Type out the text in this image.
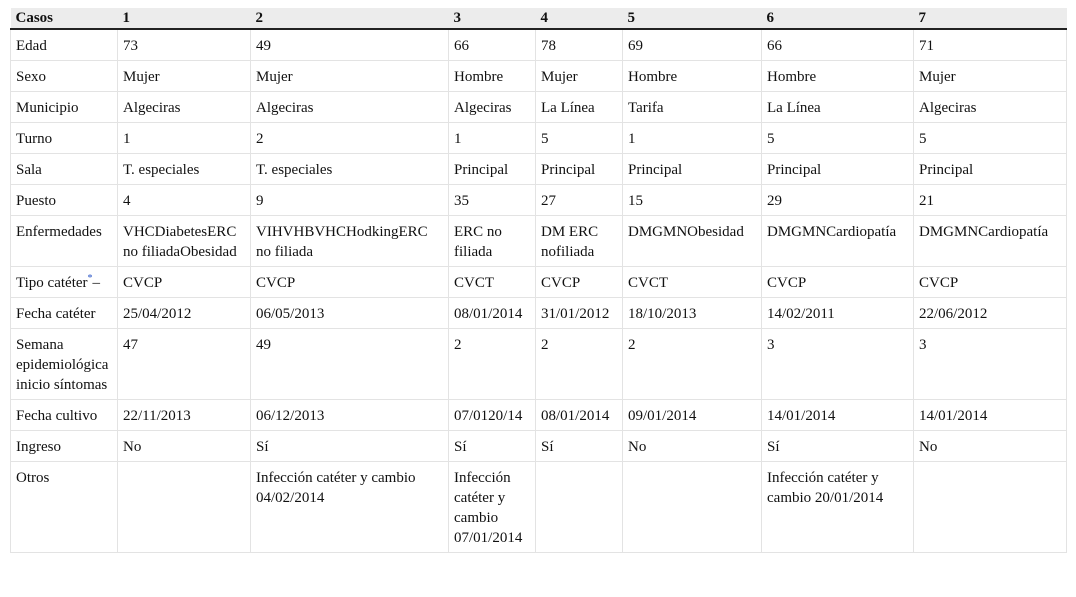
Casos	1	2	3	4	5	6	7
Edad	73	49	66	78	69	66	71
Sexo	Mujer	Mujer	Hombre	Mujer	Hombre	Hombre	Mujer
Municipio	Algeciras	Algeciras	Algeciras	La Línea	Tarifa	La Línea	Algeciras
Turno	1	2	1	5	1	5	5
Sala	T. especiales	T. especiales	Principal	Principal	Principal	Principal	Principal
Puesto	4	9	35	27	15	29	21
Enfermedades	VHCDiabetesERC no filiadaObesidad	VIHVHBVHCHodkingERC no filiada	ERC no filiada	DM ERC nofiliada	DMGMNObesidad	DMGMNCardiopatía	DMGMNCardiopatía
Tipo catéter*–	CVCP	CVCP	CVCT	CVCP	CVCT	CVCP	CVCP
Fecha catéter	25/04/2012	06/05/2013	08/01/2014	31/01/2012	18/10/2013	14/02/2011	22/06/2012
Semana epidemiológica inicio síntomas	47	49	2	2	2	3	3
Fecha cultivo	22/11/2013	06/12/2013	07/0120/14	08/01/2014	09/01/2014	14/01/2014	14/01/2014
Ingreso	No	Sí	Sí	Sí	No	Sí	No
Otros		Infección catéter y cambio 04/02/2014	Infección catéter y cambio 07/01/2014			Infección catéter y cambio 20/01/2014	
